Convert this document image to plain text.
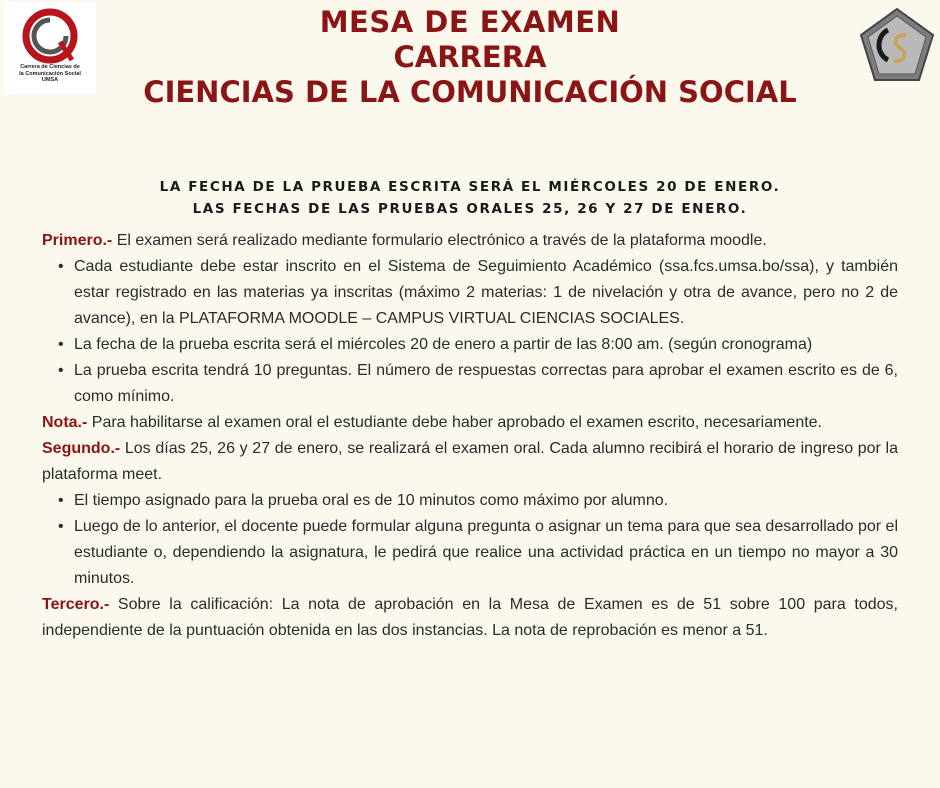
Carrera de Ciencias de
la Comunicación Social
UMSA
MESA DE EXAMEN
CARRERA
CIENCIAS DE LA COMUNICACIÓN SOCIAL
LA FECHA DE LA PRUEBA ESCRITA SERÁ EL MIÉRCOLES 20 DE ENERO.
LAS FECHAS DE LAS PRUEBAS ORALES 25, 26 Y 27 DE ENERO.

Primero.- El examen será realizado mediante formulario electrónico a través de la plataforma moodle.

• Cada estudiante debe estar inscrito en el Sistema de Seguimiento Académico (ssa.fcs.umsa.bo/ssa), y también estar registrado en las materias ya inscritas (máximo 2 materias: 1 de nivelación y otra de avance, pero no 2 de avance), en la PLATAFORMA MOODLE – CAMPUS VIRTUAL CIENCIAS SOCIALES.
• La fecha de la prueba escrita será el miércoles 20 de enero a partir de las 8:00 am. (según cronograma)
• La prueba escrita tendrá 10 preguntas. El número de respuestas correctas para aprobar el examen escrito es de 6, como mínimo.

Nota.- Para habilitarse al examen oral el estudiante debe haber aprobado el examen escrito, necesariamente.

Segundo.- Los días 25, 26 y 27 de enero, se realizará el examen oral. Cada alumno recibirá el horario de ingreso por la plataforma meet.

• El tiempo asignado para la prueba oral es de 10 minutos como máximo por alumno.
• Luego de lo anterior, el docente puede formular alguna pregunta o asignar un tema para que sea desarrollado por el estudiante o, dependiendo la asignatura, le pedirá que realice una actividad práctica en un tiempo no mayor a 30 minutos.

Tercero.- Sobre la calificación: La nota de aprobación en la Mesa de Examen es de 51 sobre 100 para todos, independiente de la puntuación obtenida en las dos instancias. La nota de reprobación es menor a 51.
